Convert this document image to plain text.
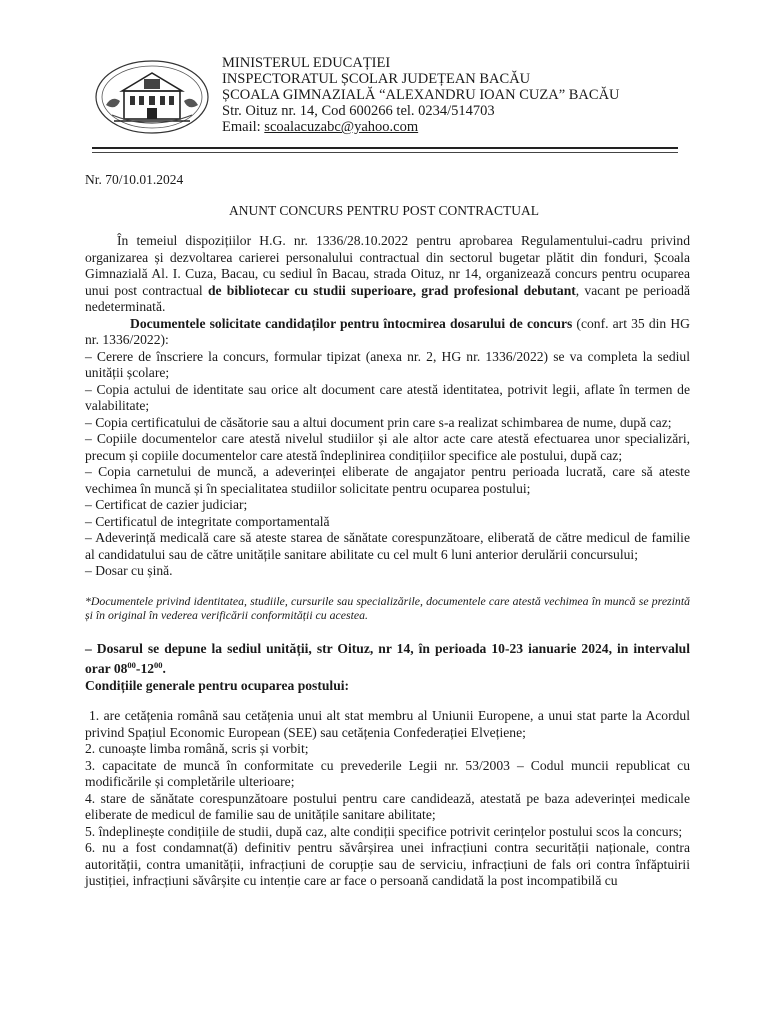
MINISTERUL EDUCAȚIEI
INSPECTORATUL ȘCOLAR JUDEȚEAN BACĂU
ȘCOALA GIMNAZIALĂ “ALEXANDRU IOAN CUZA” BACĂU
Str. Oituz nr. 14, Cod 600266 tel. 0234/514703
Email: scoalacuzabc@yahoo.com
Nr. 70/10.01.2024
ANUNT CONCURS PENTRU POST CONTRACTUAL

În temeiul dispozițiilor H.G. nr. 1336/28.10.2022 pentru aprobarea Regulamentului-cadru privind organizarea și dezvoltarea carierei personalului contractual din sectorul bugetar plătit din fonduri, Școala Gimnazială Al. I. Cuza, Bacau, cu sediul în Bacau, strada Oituz, nr 14, organizează concurs pentru ocuparea unui post contractual de bibliotecar cu studii superioare, grad profesional debutant, vacant pe perioadă nedeterminată.

Documentele solicitate candidaților pentru întocmirea dosarului de concurs (conf. art 35 din HG nr. 1336/2022):

– Cerere de înscriere la concurs, formular tipizat (anexa nr. 2, HG nr. 1336/2022) se va completa la sediul unității școlare;

– Copia actului de identitate sau orice alt document care atestă identitatea, potrivit legii, aflate în termen de valabilitate;

– Copia certificatului de căsătorie sau a altui document prin care s-a realizat schimbarea de nume, după caz;

– Copiile documentelor care atestă nivelul studiilor și ale altor acte care atestă efectuarea unor specializări, precum și copiile documentelor care atestă îndeplinirea condițiilor specifice ale postului, după caz;

– Copia carnetului de muncă, a adeverinței eliberate de angajator pentru perioada lucrată, care să ateste vechimea în muncă și în specialitatea studiilor solicitate pentru ocuparea postului;

– Certificat de cazier judiciar;

– Certificatul de integritate comportamentală

– Adeverință medicală care să ateste starea de sănătate corespunzătoare, eliberată de către medicul de familie al candidatului sau de către unitățile sanitare abilitate cu cel mult 6 luni anterior derulării concursului;

– Dosar cu șină.

*Documentele privind identitatea, studiile, cursurile sau specializările, documentele care atestă vechimea în muncă se prezintă și în original în vederea verificării conformității cu acestea.

– Dosarul se depune la sediul unității, str Oituz, nr 14, în perioada 10-23 ianuarie 2024, in intervalul orar $08^{00}-12^{00}$.

Condițiile generale pentru ocuparea postului:

1. are cetățenia română sau cetățenia unui alt stat membru al Uniunii Europene, a unui stat parte la Acordul privind Spațiul Economic European (SEE) sau cetățenia Confederației Elvețiene;

2. cunoaște limba română, scris și vorbit;

3. capacitate de muncă în conformitate cu prevederile Legii nr. 53/2003 – Codul muncii republicat cu modificările și completările ulterioare;

4. stare de sănătate corespunzătoare postului pentru care candidează, atestată pe baza adeverinței medicale eliberate de medicul de familie sau de unitățile sanitare abilitate;

5. îndeplinește condițiile de studii, după caz, alte condiții specifice potrivit cerințelor postului scos la concurs;

6. nu a fost condamnat(ă) definitiv pentru săvârșirea unei infracțiuni contra securității naționale, contra autorității, contra umanității, infracțiuni de corupție sau de serviciu, infracțiuni de fals ori contra înfăptuirii justiției, infracțiuni săvârșite cu intenție care ar face o persoană candidată la post incompatibilă cu
